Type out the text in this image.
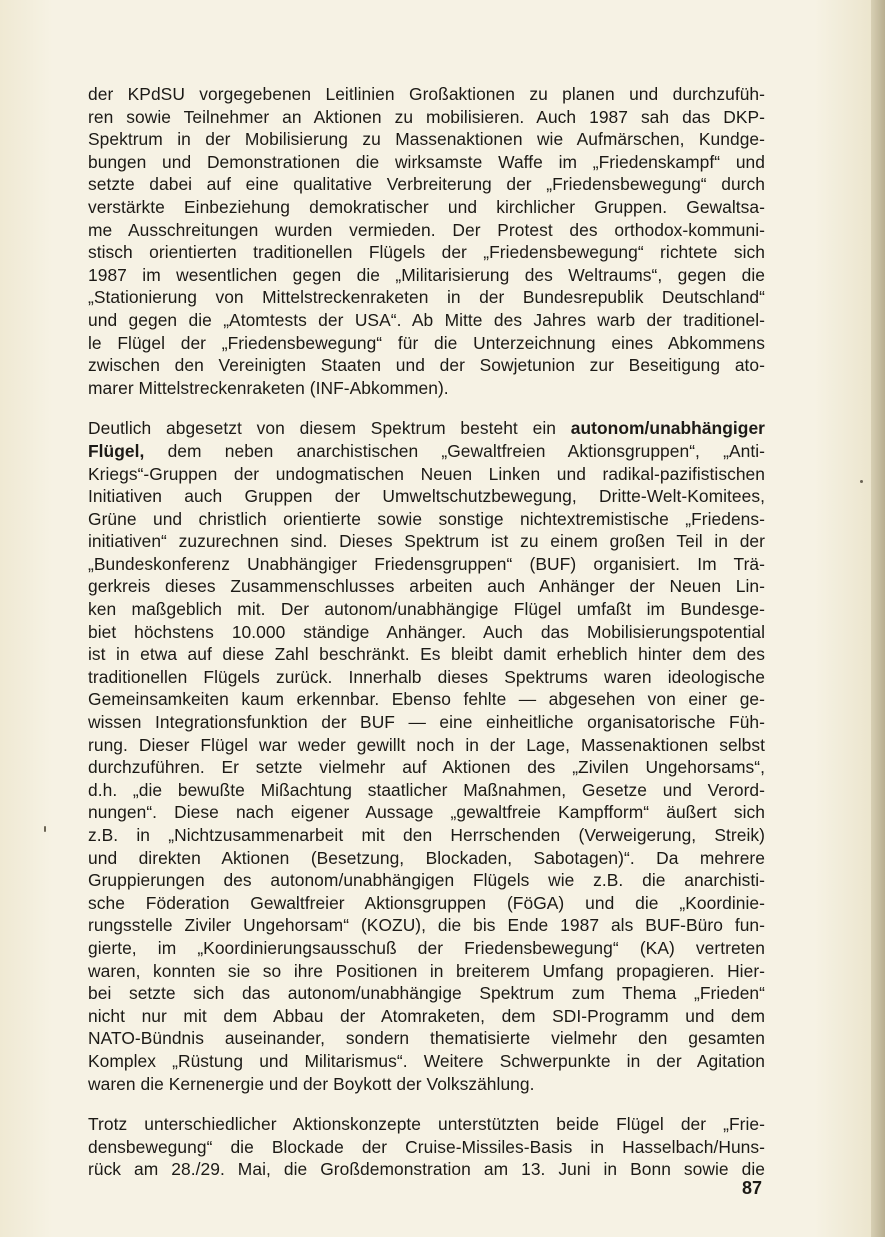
der KPdSU vorgegebenen Leitlinien Großaktionen zu planen und durchzufüh-
ren sowie Teilnehmer an Aktionen zu mobilisieren. Auch 1987 sah das DKP-
Spektrum in der Mobilisierung zu Massenaktionen wie Aufmärschen, Kundge-
bungen und Demonstrationen die wirksamste Waffe im „Friedenskampf“ und
setzte dabei auf eine qualitative Verbreiterung der „Friedensbewegung“ durch
verstärkte Einbeziehung demokratischer und kirchlicher Gruppen. Gewaltsa-
me Ausschreitungen wurden vermieden. Der Protest des orthodox-kommuni-
stisch orientierten traditionellen Flügels der „Friedensbewegung“ richtete sich
1987 im wesentlichen gegen die „Militarisierung des Weltraums“, gegen die
„Stationierung von Mittelstreckenraketen in der Bundesrepublik Deutschland“
und gegen die „Atomtests der USA“. Ab Mitte des Jahres warb der traditionel-
le Flügel der „Friedensbewegung“ für die Unterzeichnung eines Abkommens
zwischen den Vereinigten Staaten und der Sowjetunion zur Beseitigung ato-
marer Mittelstreckenraketen (INF-Abkommen).

Deutlich abgesetzt von diesem Spektrum besteht ein autonom/unabhängiger
Flügel, dem neben anarchistischen „Gewaltfreien Aktionsgruppen“, „Anti-
Kriegs“-Gruppen der undogmatischen Neuen Linken und radikal-pazifistischen
Initiativen auch Gruppen der Umweltschutzbewegung, Dritte-Welt-Komitees,
Grüne und christlich orientierte sowie sonstige nichtextremistische „Friedens-
initiativen“ zuzurechnen sind. Dieses Spektrum ist zu einem großen Teil in der
„Bundeskonferenz Unabhängiger Friedensgruppen“ (BUF) organisiert. Im Trä-
gerkreis dieses Zusammenschlusses arbeiten auch Anhänger der Neuen Lin-
ken maßgeblich mit. Der autonom/unabhängige Flügel umfaßt im Bundesge-
biet höchstens 10.000 ständige Anhänger. Auch das Mobilisierungspotential
ist in etwa auf diese Zahl beschränkt. Es bleibt damit erheblich hinter dem des
traditionellen Flügels zurück. Innerhalb dieses Spektrums waren ideologische
Gemeinsamkeiten kaum erkennbar. Ebenso fehlte — abgesehen von einer ge-
wissen Integrationsfunktion der BUF — eine einheitliche organisatorische Füh-
rung. Dieser Flügel war weder gewillt noch in der Lage, Massenaktionen selbst
durchzuführen. Er setzte vielmehr auf Aktionen des „Zivilen Ungehorsams“,
d.h. „die bewußte Mißachtung staatlicher Maßnahmen, Gesetze und Verord-
nungen“. Diese nach eigener Aussage „gewaltfreie Kampfform“ äußert sich
z.B. in „Nichtzusammenarbeit mit den Herrschenden (Verweigerung, Streik)
und direkten Aktionen (Besetzung, Blockaden, Sabotagen)“. Da mehrere
Gruppierungen des autonom/unabhängigen Flügels wie z.B. die anarchisti-
sche Föderation Gewaltfreier Aktionsgruppen (FöGA) und die „Koordinie-
rungsstelle Ziviler Ungehorsam“ (KOZU), die bis Ende 1987 als BUF-Büro fun-
gierte, im „Koordinierungsausschuß der Friedensbewegung“ (KA) vertreten
waren, konnten sie so ihre Positionen in breiterem Umfang propagieren. Hier-
bei setzte sich das autonom/unabhängige Spektrum zum Thema „Frieden“
nicht nur mit dem Abbau der Atomraketen, dem SDI-Programm und dem
NATO-Bündnis auseinander, sondern thematisierte vielmehr den gesamten
Komplex „Rüstung und Militarismus“. Weitere Schwerpunkte in der Agitation
waren die Kernenergie und der Boykott der Volkszählung.

Trotz unterschiedlicher Aktionskonzepte unterstützten beide Flügel der „Frie-
densbewegung“ die Blockade der Cruise-Missiles-Basis in Hasselbach/Huns-
rück am 28./29. Mai, die Großdemonstration am 13. Juni in Bonn sowie die

87
